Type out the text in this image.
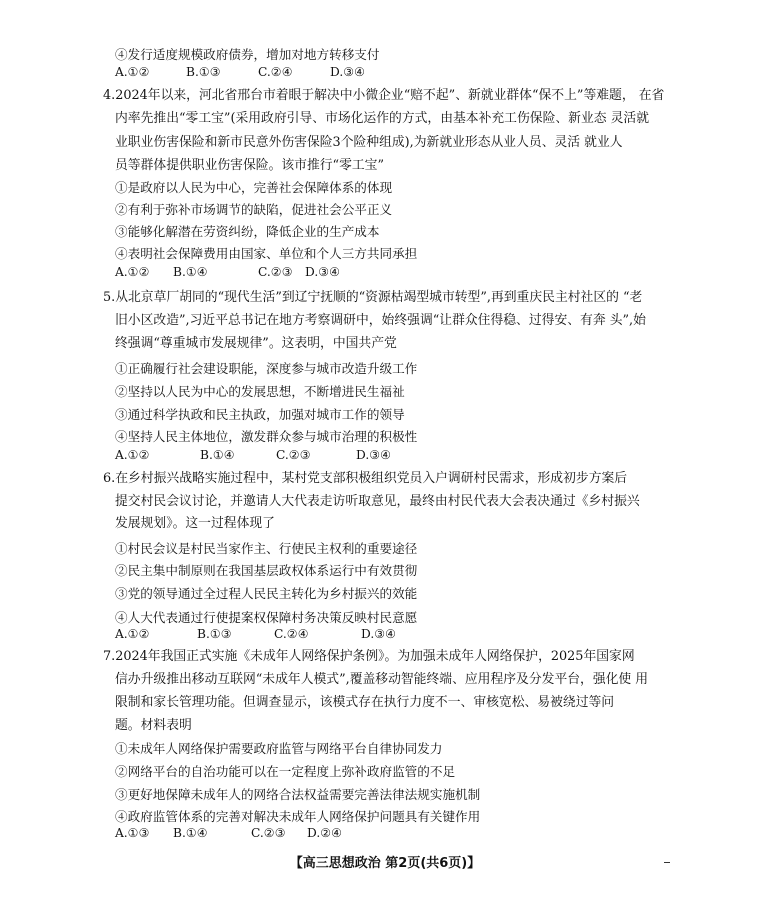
④发行适度规模政府债券，增加对地方转移支付
A.①②	B.①③	C.②④	D.③④
4.2024年以来，河北省邢台市着眼于解决中小微企业“赔不起”、新就业群体“保不上”等难题， 在省
内率先推出“零工宝”(采用政府引导、市场化运作的方式，由基本补充工伤保险、新业态 灵活就
业职业伤害保险和新市民意外伤害保险3个险种组成),为新就业形态从业人员、灵活 就业人
员等群体提供职业伤害保险。该市推行“零工宝”
①是政府以人民为中心，完善社会保障体系的体现
②有利于弥补市场调节的缺陷，促进社会公平正义
③能够化解潜在劳资纠纷，降低企业的生产成本
④表明社会保障费用由国家、单位和个人三方共同承担
A.①②	B.①④	C.②③	D.③④
5.从北京草厂胡同的“现代生活”到辽宁抚顺的“资源枯竭型城市转型”,再到重庆民主村社区的 “老
旧小区改造”,习近平总书记在地方考察调研中，始终强调“让群众住得稳、过得安、有奔 头”,始
终强调“尊重城市发展规律”。这表明，中国共产党
①正确履行社会建设职能，深度参与城市改造升级工作
②坚持以人民为中心的发展思想，不断增进民生福祉
③通过科学执政和民主执政，加强对城市工作的领导
④坚持人民主体地位，激发群众参与城市治理的积极性
A.①②	B.①④	C.②③	D.③④
6.在乡村振兴战略实施过程中，某村党支部积极组织党员入户调研村民需求，形成初步方案后
提交村民会议讨论，并邀请人大代表走访听取意见，最终由村民代表大会表决通过《乡村振兴
发展规划》。这一过程体现了
①村民会议是村民当家作主、行使民主权利的重要途径
②民主集中制原则在我国基层政权体系运行中有效贯彻
③党的领导通过全过程人民民主转化为乡村振兴的效能
④人大代表通过行使提案权保障村务决策反映村民意愿
A.①②	B.①③	C.②④	D.③④
7.2024年我国正式实施《未成年人网络保护条例》。为加强未成年人网络保护，2025年国家网
信办升级推出移动互联网“未成年人模式”,覆盖移动智能终端、应用程序及分发平台，强化使 用
限制和家长管理功能。但调查显示，该模式存在执行力度不一、审核宽松、易被绕过等问
题。材料表明
①未成年人网络保护需要政府监管与网络平台自律协同发力
②网络平台的自治功能可以在一定程度上弥补政府监管的不足
③更好地保障未成年人的网络合法权益需要完善法律法规实施机制
④政府监管体系的完善对解决未成年人网络保护问题具有关键作用
A.①③	B.①④	C.②③	D.②④
【高三思想政治 第2页(共6页)】
